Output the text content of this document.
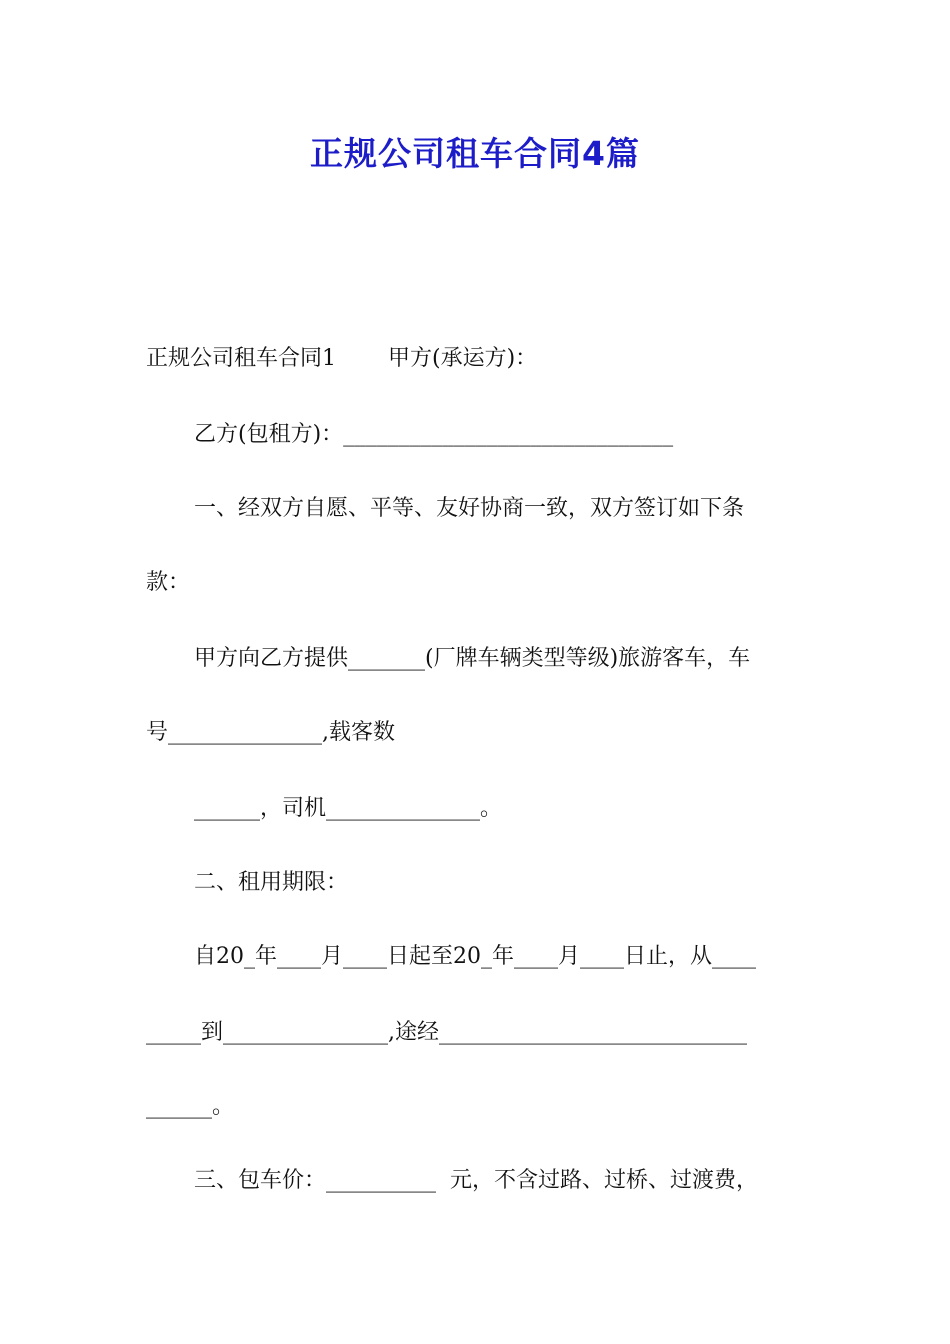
正规公司租车合同4篇

正规公司租车合同1 甲方(承运方)：

乙方(包租方)：______________________________

一、经双方自愿、平等、友好协商一致，双方签订如下条

款：

甲方向乙方提供_______(厂牌车辆类型等级)旅游客车，车

号______________,载客数

______，司机______________。

二、租用期限：

自20_年____月____日起至20_年____月____日止，从____

_____到_______________,途经____________________________

______。

三、包车价：__________  元，不含过路、过桥、过渡费，
